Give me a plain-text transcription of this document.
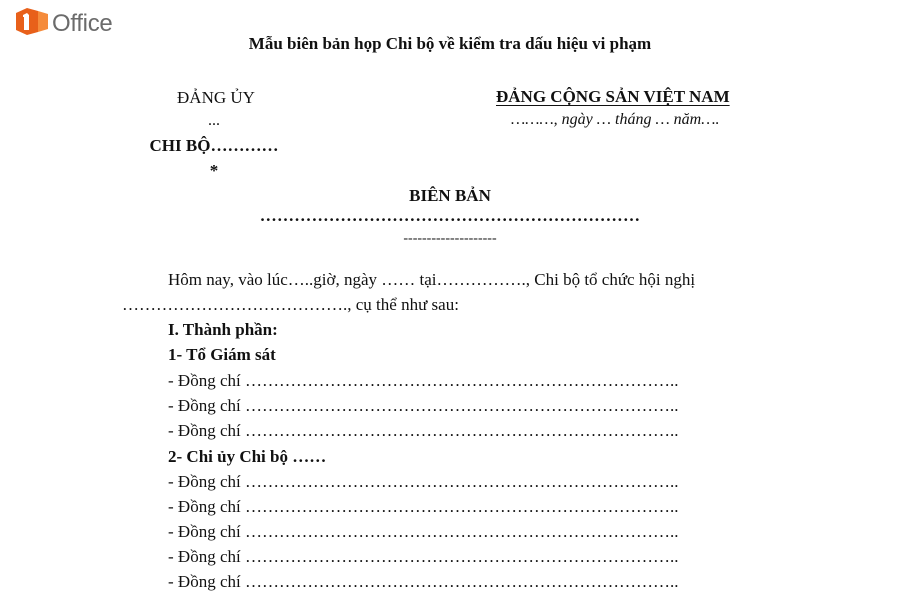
Office
Mẫu biên bản họp Chi bộ về kiểm tra dấu hiệu vi phạm
ĐẢNG ỦY
...
CHI BỘ…………
*
ĐẢNG CỘNG SẢN VIỆT NAM
………, ngày … tháng … năm….
BIÊN BẢN
…………………………………………………………
--------------------
Hôm nay, vào lúc…..giờ, ngày …… tại……………., Chi bộ tổ chức hội nghị
…………………………………., cụ thể như sau:
I. Thành phần:
1- Tổ Giám sát
- Đồng chí …………………………………………………………………..
- Đồng chí …………………………………………………………………..
- Đồng chí …………………………………………………………………..
2- Chi ủy Chi bộ ……
- Đồng chí …………………………………………………………………..
- Đồng chí …………………………………………………………………..
- Đồng chí …………………………………………………………………..
- Đồng chí …………………………………………………………………..
- Đồng chí …………………………………………………………………..
